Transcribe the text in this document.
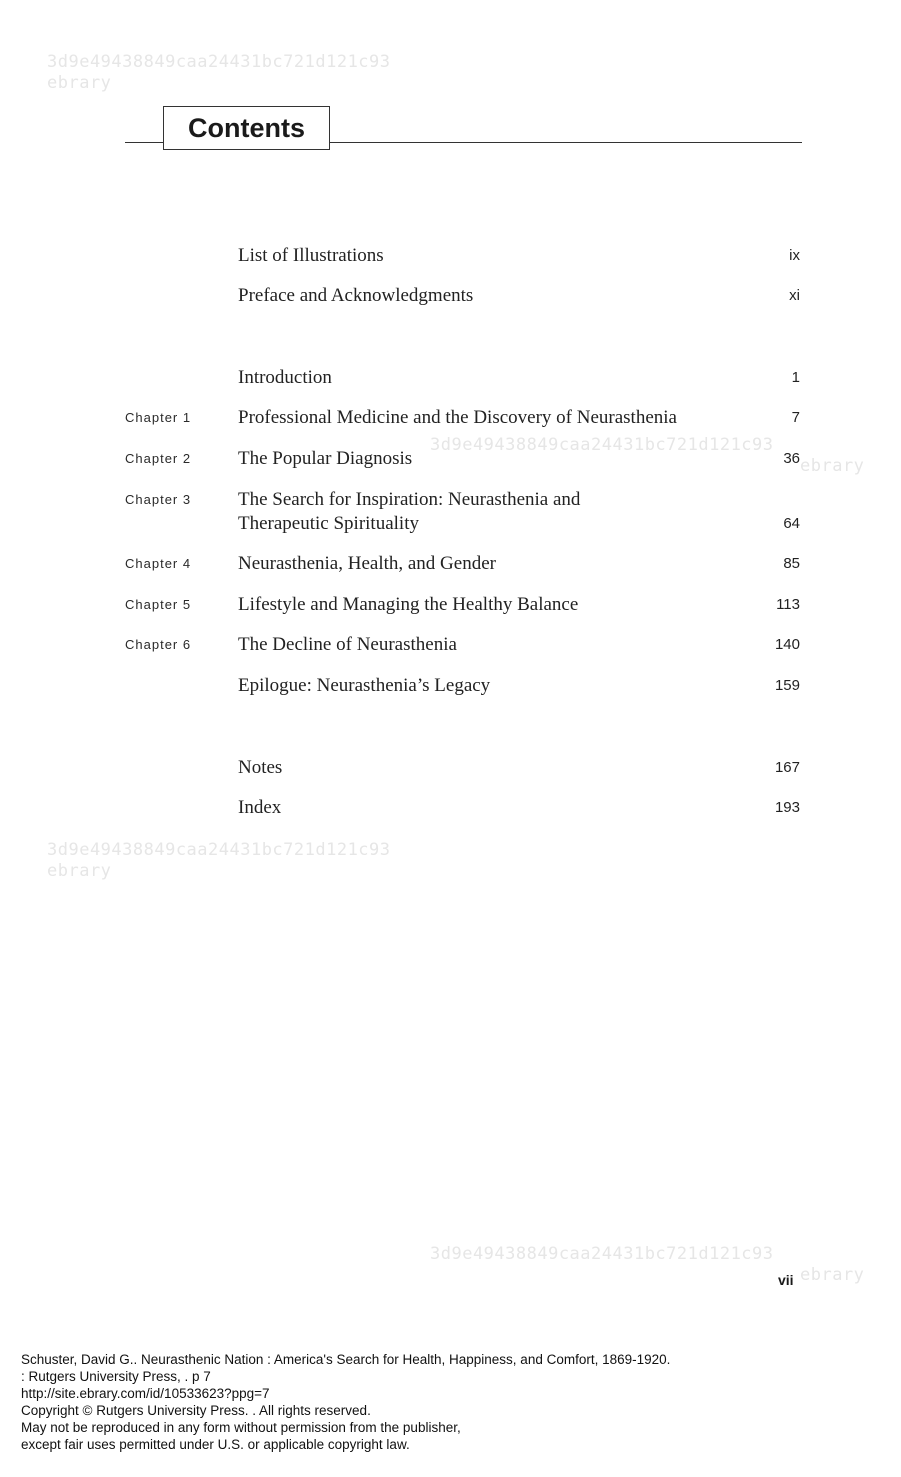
3d9e49438849caa24431bc721d121c93
ebrary
3d9e49438849caa24431bc721d121c93
ebrary
3d9e49438849caa24431bc721d121c93
ebrary
3d9e49438849caa24431bc721d121c93
ebrary
Contents
List of Illustrations	ix
Preface and Acknowledgments	xi
Introduction	1
Chapter 1 Professional Medicine and the Discovery of Neurasthenia	7
Chapter 2 The Popular Diagnosis	36
Chapter 3 The Search for Inspiration: Neurasthenia and
Therapeutic Spirituality	64
Chapter 4 Neurasthenia, Health, and Gender	85
Chapter 5 Lifestyle and Managing the Healthy Balance	113
Chapter 6 The Decline of Neurasthenia	140
Epilogue: Neurasthenia’s Legacy	159
Notes	167
Index	193
vii
Schuster, David G.. Neurasthenic Nation : America's Search for Health, Happiness, and Comfort, 1869-1920.
: Rutgers University Press, . p 7
http://site.ebrary.com/id/10533623?ppg=7
Copyright © Rutgers University Press. . All rights reserved.
May not be reproduced in any form without permission from the publisher,
except fair uses permitted under U.S. or applicable copyright law.
